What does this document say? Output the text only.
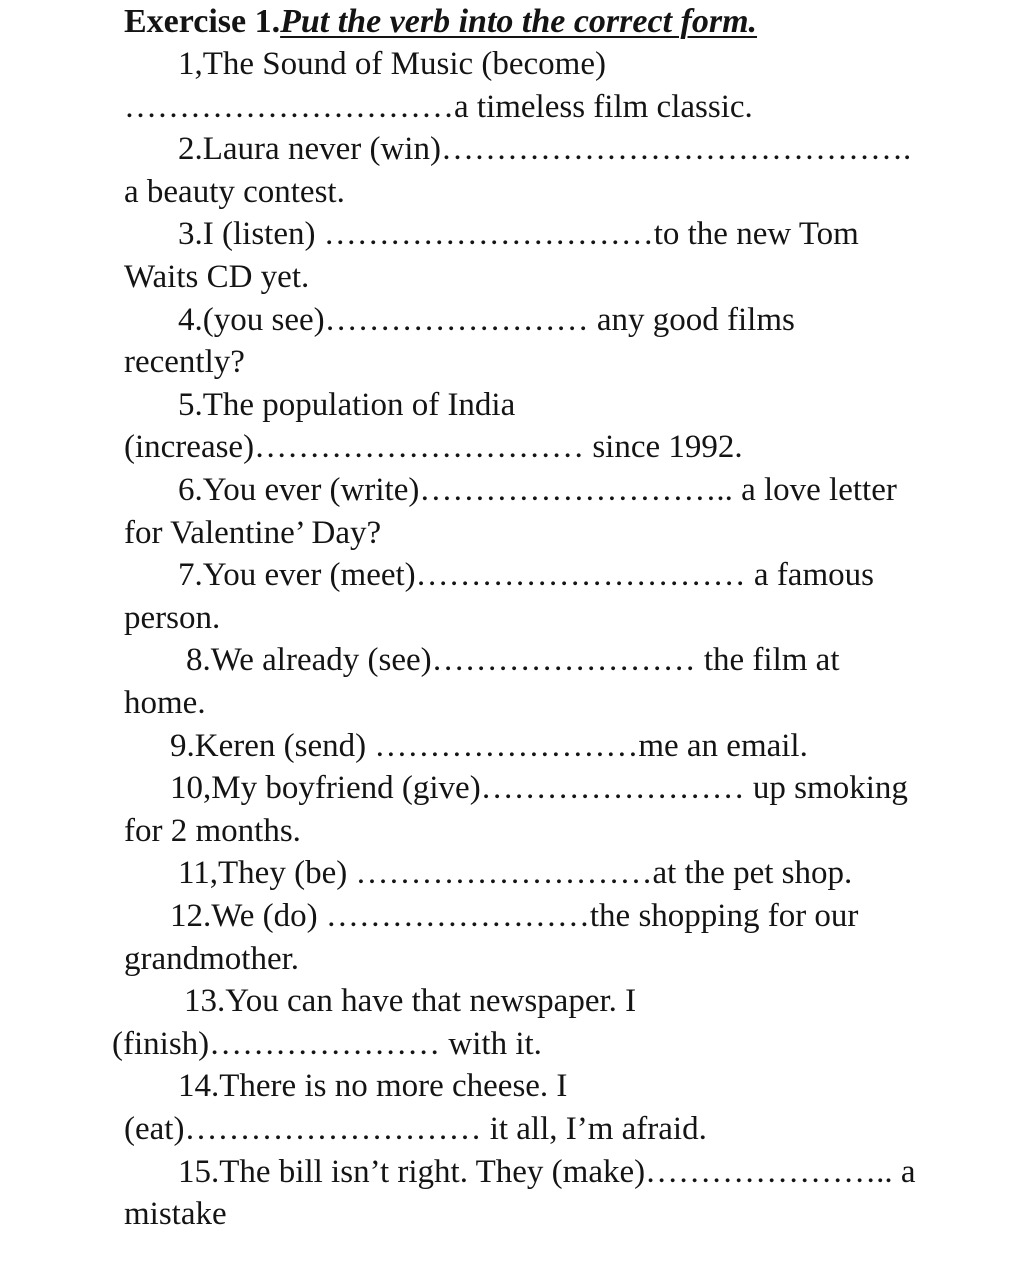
Exercise 1.Put the verb into the correct form.

1,The Sound of Music (become)

…………………………a timeless film classic.

2.Laura never (win)…………………………………….

a beauty contest.

3.I (listen) …………………………to the new Tom

Waits CD yet.

4.(you see)…………………… any good films

recently?

5.The population of India

(increase)………………………… since 1992.

6.You ever (write)……………………….. a love letter

for Valentine’ Day?

7.You ever (meet)………………………… a famous

person.

8.We already (see)…………………… the film at

home.

9.Keren (send) ……………………me an email.

10,My boyfriend (give)…………………… up smoking

for 2 months.

11,They (be) ………………………at the pet shop.

12.We (do) ……………………the shopping for our

grandmother.

13.You can have that newspaper. I

(finish)………………… with it.

14.There is no more cheese. I

(eat)……………………… it all, I’m afraid.

15.The bill isn’t right. They (make)………………….. a

mistake
